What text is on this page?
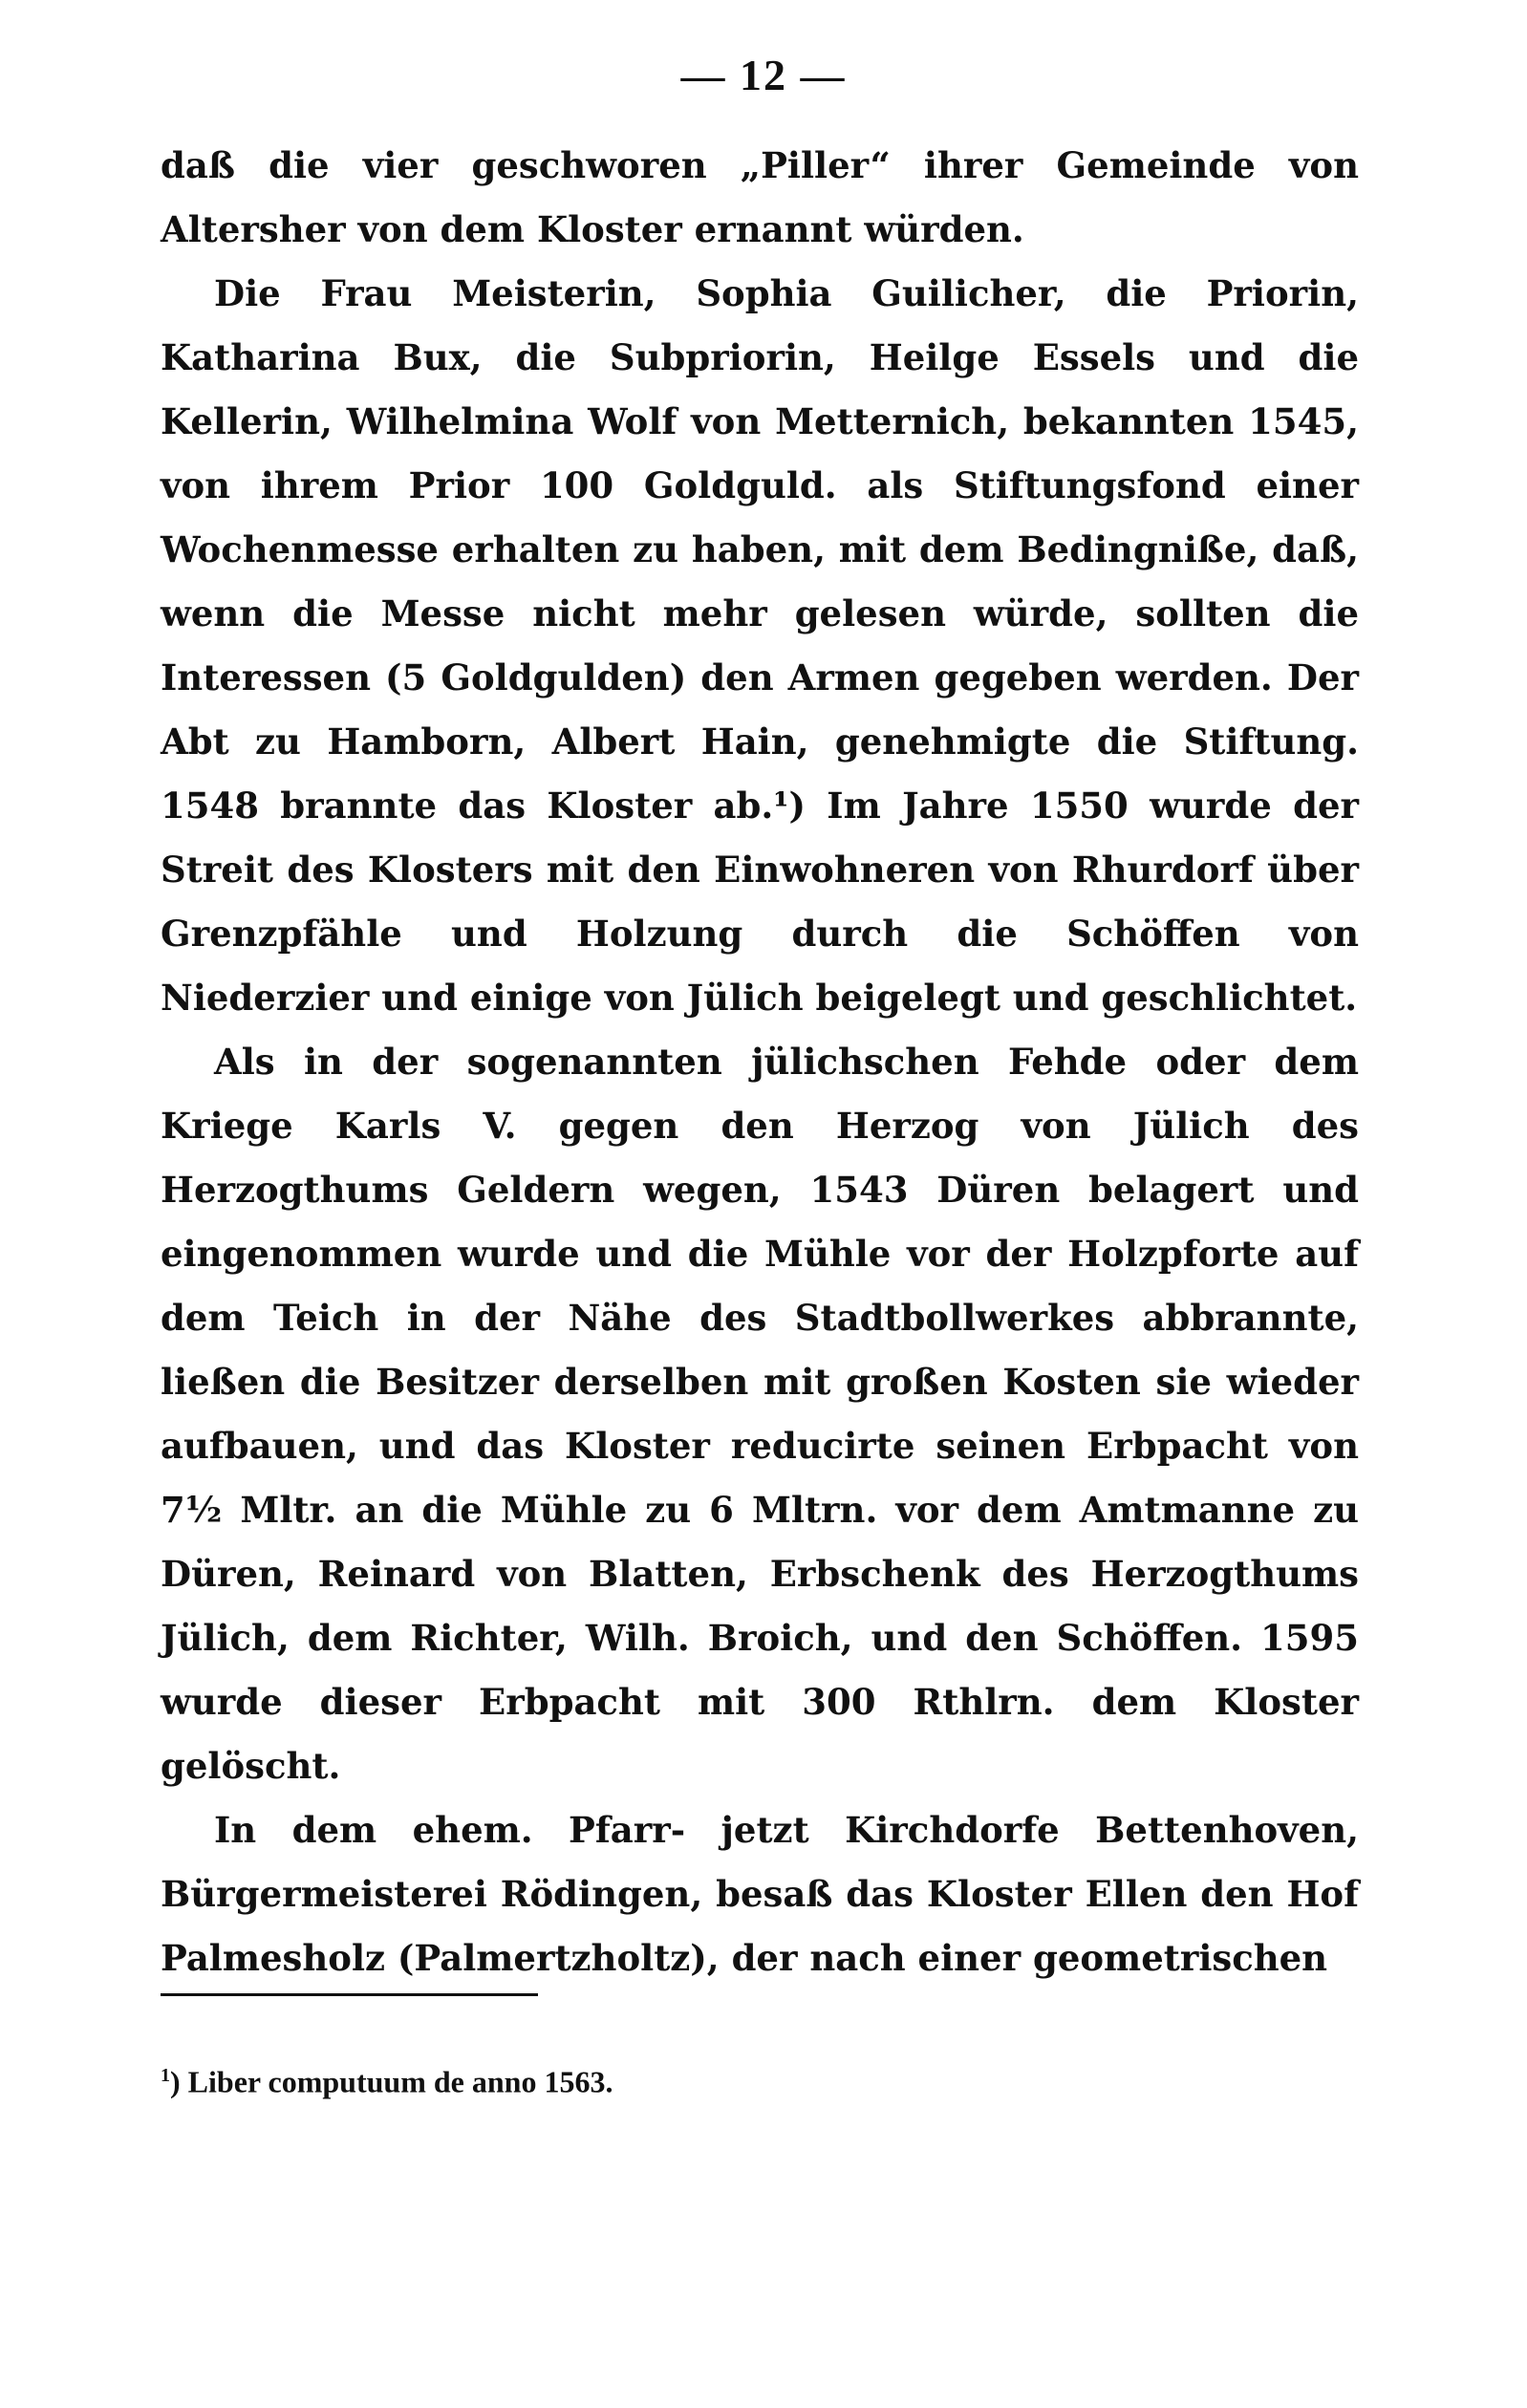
— 12 —

daß die vier geschworen „Piller“ ihrer Gemeinde von Altersher von dem Kloster ernannt würden.

Die Frau Meisterin, Sophia Guilicher, die Priorin, Katharina Bux, die Subpriorin, Heilge Essels und die Kellerin, Wilhelmina Wolf von Metternich, bekannten 1545, von ihrem Prior 100 Goldguld. als Stiftungsfond einer Wochenmesse erhalten zu haben, mit dem Bedingniße, daß, wenn die Messe nicht mehr gelesen würde, sollten die Interessen (5 Goldgulden) den Armen gegeben werden. Der Abt zu Hamborn, Albert Hain, genehmigte die Stiftung. 1548 brannte das Kloster ab.¹) Im Jahre 1550 wurde der Streit des Klosters mit den Einwohneren von Rhurdorf über Grenzpfähle und Holzung durch die Schöffen von Niederzier und einige von Jülich beigelegt und geschlichtet.

Als in der sogenannten jülichschen Fehde oder dem Kriege Karls V. gegen den Herzog von Jülich des Herzogthums Geldern wegen, 1543 Düren belagert und eingenommen wurde und die Mühle vor der Holzpforte auf dem Teich in der Nähe des Stadtbollwerkes abbrannte, ließen die Besitzer derselben mit großen Kosten sie wieder aufbauen, und das Kloster reducirte seinen Erbpacht von 7½ Mltr. an die Mühle zu 6 Mltrn. vor dem Amtmanne zu Düren, Reinard von Blatten, Erbschenk des Herzogthums Jülich, dem Richter, Wilh. Broich, und den Schöffen. 1595 wurde dieser Erbpacht mit 300 Rthlrn. dem Kloster gelöscht.

In dem ehem. Pfarr- jetzt Kirchdorfe Bettenhoven, Bürgermeisterei Rödingen, besaß das Kloster Ellen den Hof Palmesholz (Palmertzholtz), der nach einer geometrischen

$^1$) Liber computuum de anno 1563.
